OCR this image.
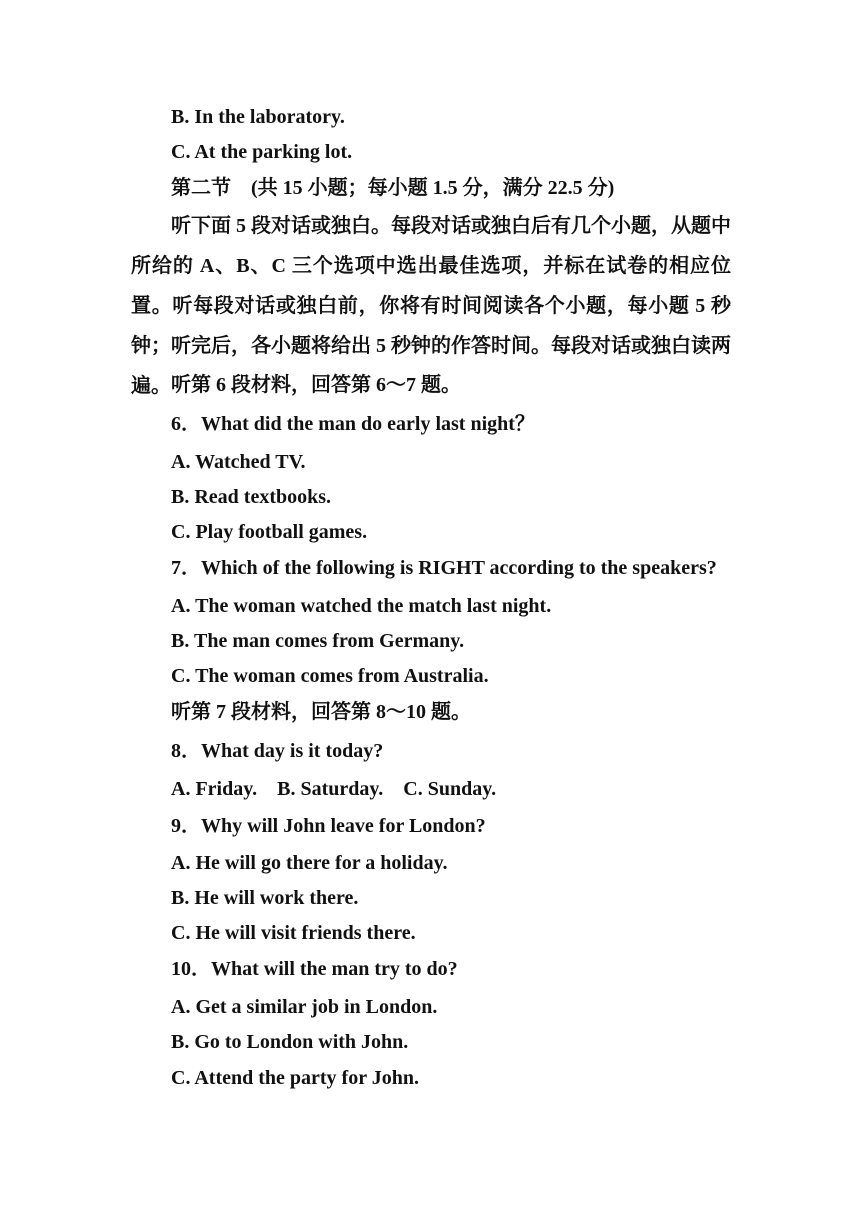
B. In the laboratory.
C. At the parking lot.
第二节 (共 15 小题；每小题 1.5 分，满分 22.5 分)
听下面 5 段对话或独白。每段对话或独白后有几个小题，从题中所给的 A、B、C 三个选项中选出最佳选项，并标在试卷的相应位置。听每段对话或独白前，你将有时间阅读各个小题，每小题 5 秒钟；听完后，各小题将给出 5 秒钟的作答时间。每段对话或独白读两遍。 听第 6 段材料，回答第 6～7 题。
6．What did the man do early last night？
A. Watched TV.
B. Read textbooks.
C. Play football games.
7．Which of the following is RIGHT according to the speakers?
A. The woman watched the match last night.
B. The man comes from Germany.
C. The woman comes from Australia.
听第 7 段材料，回答第 8～10 题。
8．What day is it today?
A. Friday. B. Saturday. C. Sunday.
9．Why will John leave for London?
A. He will go there for a holiday.
B. He will work there.
C. He will visit friends there.
10．What will the man try to do?
A. Get a similar job in London.
B. Go to London with John.
C. Attend the party for John.
